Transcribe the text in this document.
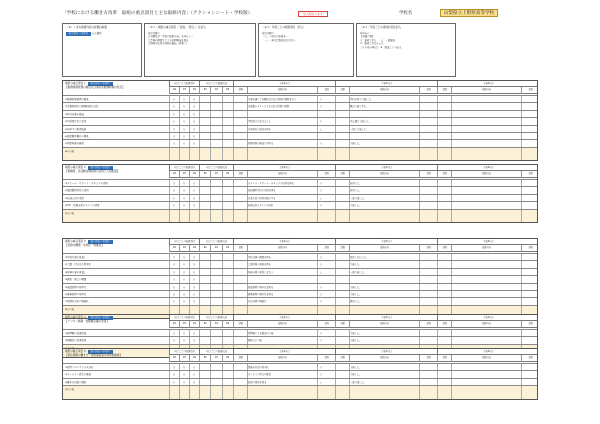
「学校における働き方改革　取組の重点項目と主な取組内容」（アクションシート・学校版）	記入例あります	学校名	山梨県立上野原高等学校
（※）くまな取組内容の詳細は取組
取り組むべき項目 から選択
（※２）取組の重点項目（「独自」「統合」）注記入
年度目標に
□全職員が「学校の取組内容」を共有し…
□業務の精選等による負担軽減を図る
□時間外在校等時間の縮減（年間…）
（※３）年度ごとの取組項目（記入）
年度目標に
「○」…年度の取組を…
「－」…年度は取組を行わない
（※４）年度ごとの達成状況注記入
年度末に
【評価の例】
○：達成できた　　△：一部達成
×：達成できなかった
（その他の場合）　※（見直し）の記入
取組の重点項目 1 取り組むべき項目
【勤務時間管理の徹底及び適切な勤務時間の設定】
年度ごとの取組項目	年度ごとの達成状況	令和2年度	令和3年度	令和4年度
R2	R3	R4	R2	R3	R4	詳細	取組内容	評価	詳細	取組内容	評価	詳細	取組内容	評価
①勤務時間管理の徹底	○	○	○	年間を通じて客観的な在校等時間の把握を行う	○	学校全体で実施した。
②業務時間外の勤務時間の設定	○	○	○	出退勤システムによる在校等時間の把握	○	概ね実施できた。
③休日出勤の縮減	○	○	○
④学校閉庁日の設定	○	○	○	学校閉庁日を設定した	○	予定通り実施した。
⑤年休等の取得促進	○	○	○	年休取得の促進を図る	△	一部で実施した。
⑥部活動休養日の徹底	○	○	○
⑦休憩時間の確保	○	○	○	休憩時間の確保に努める	○	実施した。
⑧その他
取組の重点項目 2 取り組むべき項目
【教職員・部活動指導員等の活用と人員配置】
年度ごとの取組項目	年度ごとの達成状況	令和2年度	令和3年度	令和4年度
R2	R3	R4	R2	R3	R4	詳細	取組内容	評価	詳細	取組内容	評価	詳細	取組内容	評価
①スクール・サポート・スタッフの活用	○	○	○	スクール・サポート・スタッフの活用を図る	○	活用した。
②部活動指導員の活用	○	○	○	部活動指導員の活用を図る	○	活用した。
③外部人材の活用	○	○	○	外部人材の活用を検討する	△	一部実施した。
④ICT・校務支援システムの活用	○	○	○	校務支援システムの活用	○	実施した。
⑤その他
取組の重点項目 3 取り組むべき項目
【校務の精選・効率化・明確化】
年度ごとの取組項目	年度ごとの達成状況	令和2年度	令和3年度	令和4年度
R2	R3	R4	R2	R3	R4	詳細	取組内容	評価	詳細	取組内容	評価	詳細	取組内容	評価
①学校行事の見直し	○	○	○	学校行事の精選を図る	○	見直しを行った。
②会議・打合せの効率化	○	○	○	会議時間の短縮を図る	○	実施した。
③校務分掌の見直し	○	○	○	校務分掌の見直しを行う	△	一部実施した。
④調査・照会の精選	○	○	○
⑤成績処理の効率化	○	○	○	成績処理の効率化を図る	○	実施した。
⑥事務処理の効率化	○	○	○	事務処理の効率化を図る	○	実施した。
⑦保護者対応の明確化	○	○	○	対応時間の明確化	○	周知した。
⑧その他
取組の重点項目 4 取り組むべき項目
【アフター教職・管理職意識の改善】
年度ごとの取組項目	年度ごとの達成状況	令和2年度	令和3年度	令和4年度
R2	R3	R4	R2	R3	R4	詳細	取組内容	評価	詳細	取組内容	評価	詳細	取組内容	評価
①管理職の意識改革	○	○	○	管理職による面談の実施	○	実施した。
②教職員の意識改革	○	○	○	研修会の実施	○	実施した。
③その他
取組の重点項目 5 取り組むべき項目
【新任期間の働き方・新型取組等の効率的推進】
年度ごとの取組項目	年度ごとの達成状況	令和2年度	令和3年度	令和4年度
R2	R3	R4	R2	R3	R4	詳細	取組内容	評価	詳細	取組内容	評価	詳細	取組内容	評価
①新型コロナウイルス対応	○	○	○	感染症対策の効率化	○	実施した。
②オンライン授業の推進	○	○	○	オンライン授業の推進	○	実施した。
③働き方改革の推進	○	○	○	取組の周知を図る	△	一部実施した。
④その他
